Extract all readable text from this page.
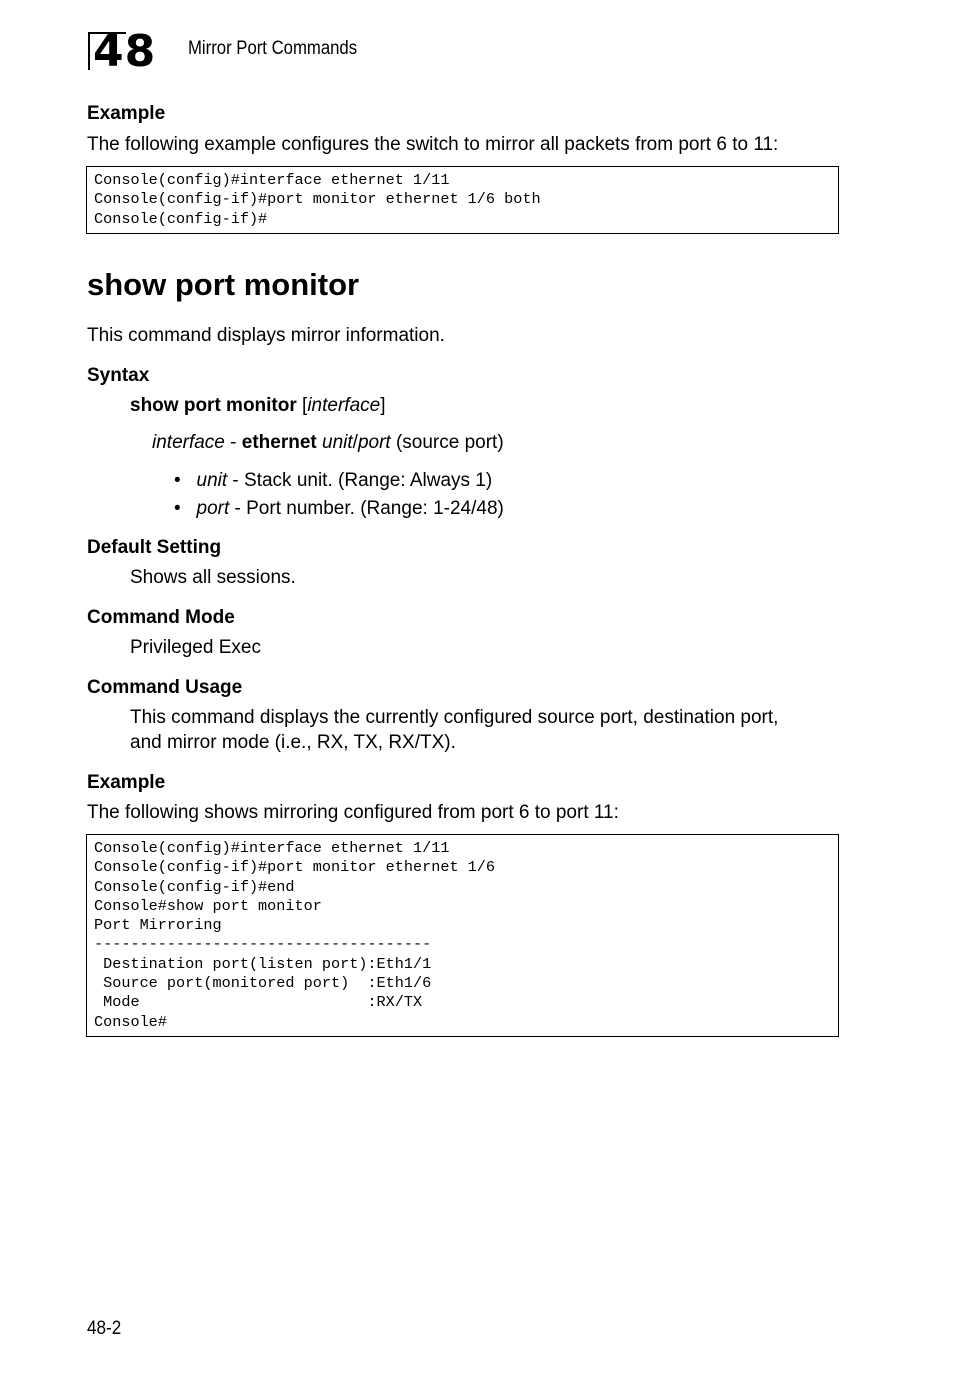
48 Mirror Port Commands
Example
The following example configures the switch to mirror all packets from port 6 to 11:
Console(config)#interface ethernet 1/11
Console(config-if)#port monitor ethernet 1/6 both
Console(config-if)#
show port monitor
This command displays mirror information.
Syntax
show port monitor [interface]
interface - ethernet unit/port (source port)
•   unit - Stack unit. (Range: Always 1)
•   port - Port number. (Range: 1-24/48)
Default Setting
Shows all sessions.
Command Mode
Privileged Exec
Command Usage
This command displays the currently configured source port, destination port,
and mirror mode (i.e., RX, TX, RX/TX).
Example
The following shows mirroring configured from port 6 to port 11:
Console(config)#interface ethernet 1/11
Console(config-if)#port monitor ethernet 1/6
Console(config-if)#end
Console#show port monitor
Port Mirroring
-------------------------------------
Destination port(listen port):Eth1/1
Source port(monitored port)  :Eth1/6
Mode                         :RX/TX
Console#
48-2
